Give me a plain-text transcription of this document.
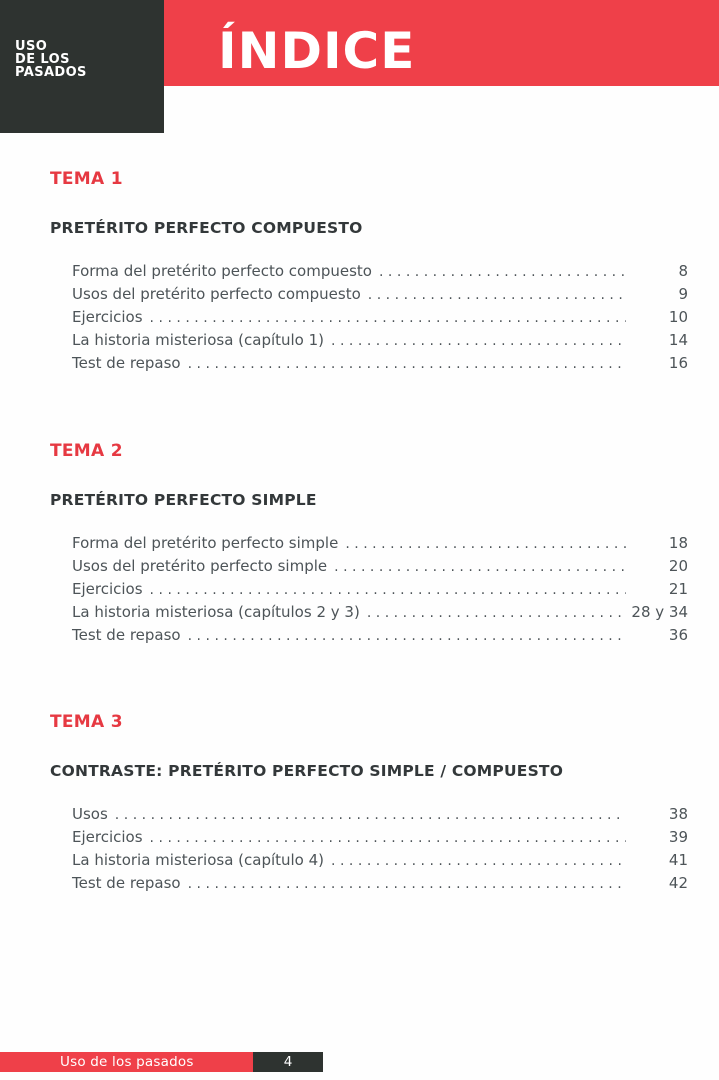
USO
DE LOS
PASADOS	ÍNDICE
TEMA 1
PRETÉRITO PERFECTO COMPUESTO
Forma del pretérito perfecto compuesto .....	8
Usos del pretérito perfecto compuesto .....	9
Ejercicios .....	10
La historia misteriosa (capítulo 1) .....	14
Test de repaso .....	16
TEMA 2
PRETÉRITO PERFECTO SIMPLE
Forma del pretérito perfecto simple .....	18
Usos del pretérito perfecto simple .....	20
Ejercicios .....	21
La historia misteriosa (capítulos 2 y 3) .....	28 y 34
Test de repaso .....	36
TEMA 3
CONTRASTE: PRETÉRITO PERFECTO SIMPLE / COMPUESTO
Usos .....	38
Ejercicios .....	39
La historia misteriosa (capítulo 4) .....	41
Test de repaso .....	42
Uso de los pasados	4
